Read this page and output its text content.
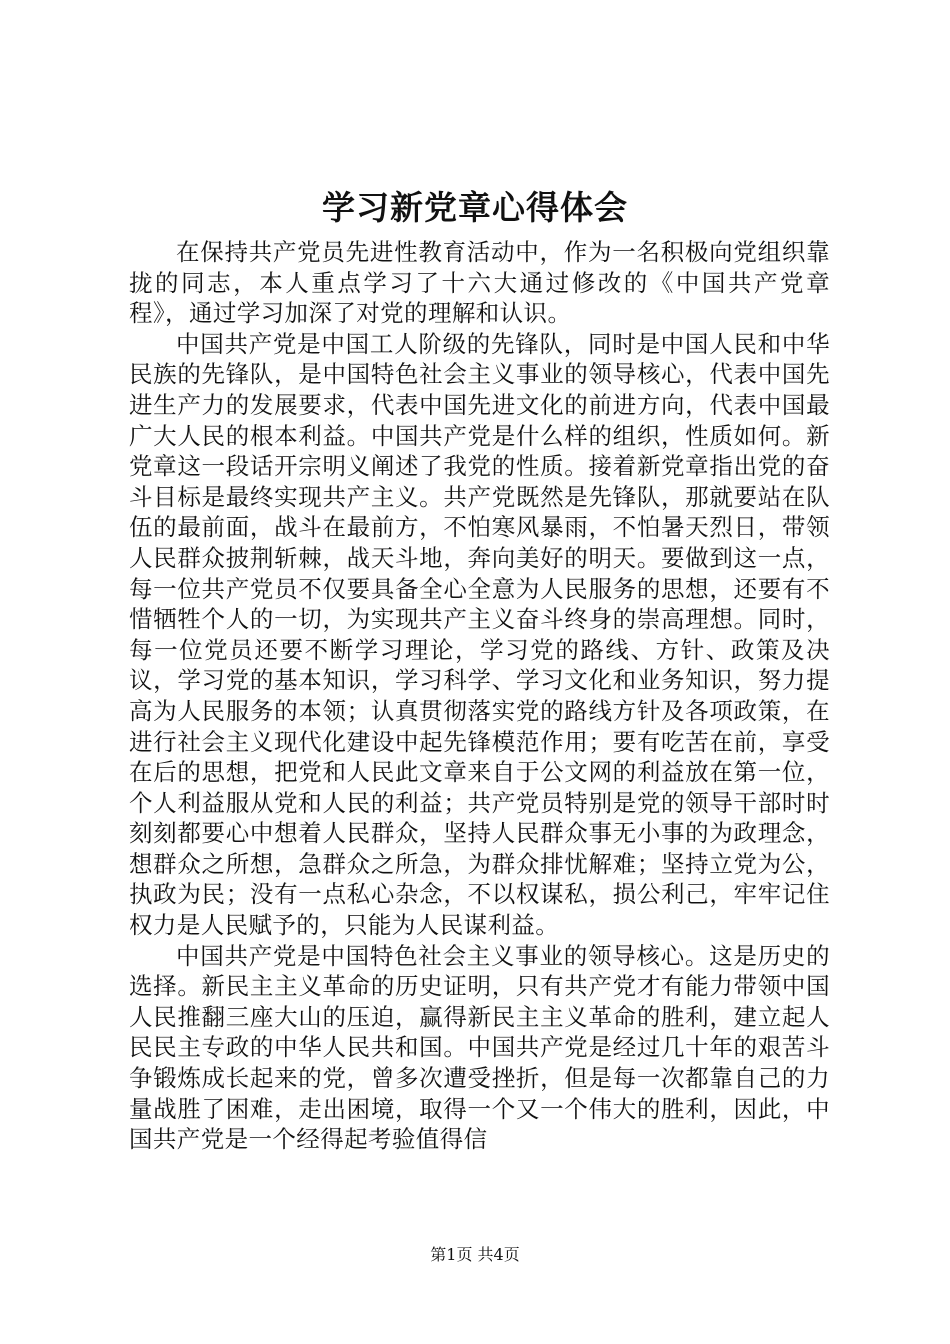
学习新党章心得体会

在保持共产党员先进性教育活动中，作为一名积极向党组织靠拢的同志，本人重点学习了十六大通过修改的《中国共产党章程》，通过学习加深了对党的理解和认识。

中国共产党是中国工人阶级的先锋队，同时是中国人民和中华民族的先锋队，是中国特色社会主义事业的领导核心，代表中国先进生产力的发展要求，代表中国先进文化的前进方向，代表中国最广大人民的根本利益。中国共产党是什么样的组织，性质如何。新党章这一段话开宗明义阐述了我党的性质。接着新党章指出党的奋斗目标是最终实现共产主义。共产党既然是先锋队，那就要站在队伍的最前面，战斗在最前方，不怕寒风暴雨，不怕暑天烈日，带领人民群众披荆斩棘，战天斗地，奔向美好的明天。要做到这一点，每一位共产党员不仅要具备全心全意为人民服务的思想，还要有不惜牺牲个人的一切，为实现共产主义奋斗终身的崇高理想。同时，每一位党员还要不断学习理论，学习党的路线、方针、政策及决议，学习党的基本知识，学习科学、学习文化和业务知识，努力提高为人民服务的本领；认真贯彻落实党的路线方针及各项政策，在进行社会主义现代化建设中起先锋模范作用；要有吃苦在前，享受在后的思想，把党和人民此文章来自于公文网的利益放在第一位，个人利益服从党和人民的利益；共产党员特别是党的领导干部时时刻刻都要心中想着人民群众，坚持人民群众事无小事的为政理念，想群众之所想，急群众之所急，为群众排忧解难；坚持立党为公，执政为民；没有一点私心杂念，不以权谋私，损公利己，牢牢记住权力是人民赋予的，只能为人民谋利益。

中国共产党是中国特色社会主义事业的领导核心。这是历史的选择。新民主主义革命的历史证明，只有共产党才有能力带领中国人民推翻三座大山的压迫，赢得新民主主义革命的胜利，建立起人民民主专政的中华人民共和国。中国共产党是经过几十年的艰苦斗争锻炼成长起来的党，曾多次遭受挫折，但是每一次都靠自己的力量战胜了困难，走出困境，取得一个又一个伟大的胜利，因此，中国共产党是一个经得起考验值得信

第1页 共4页
